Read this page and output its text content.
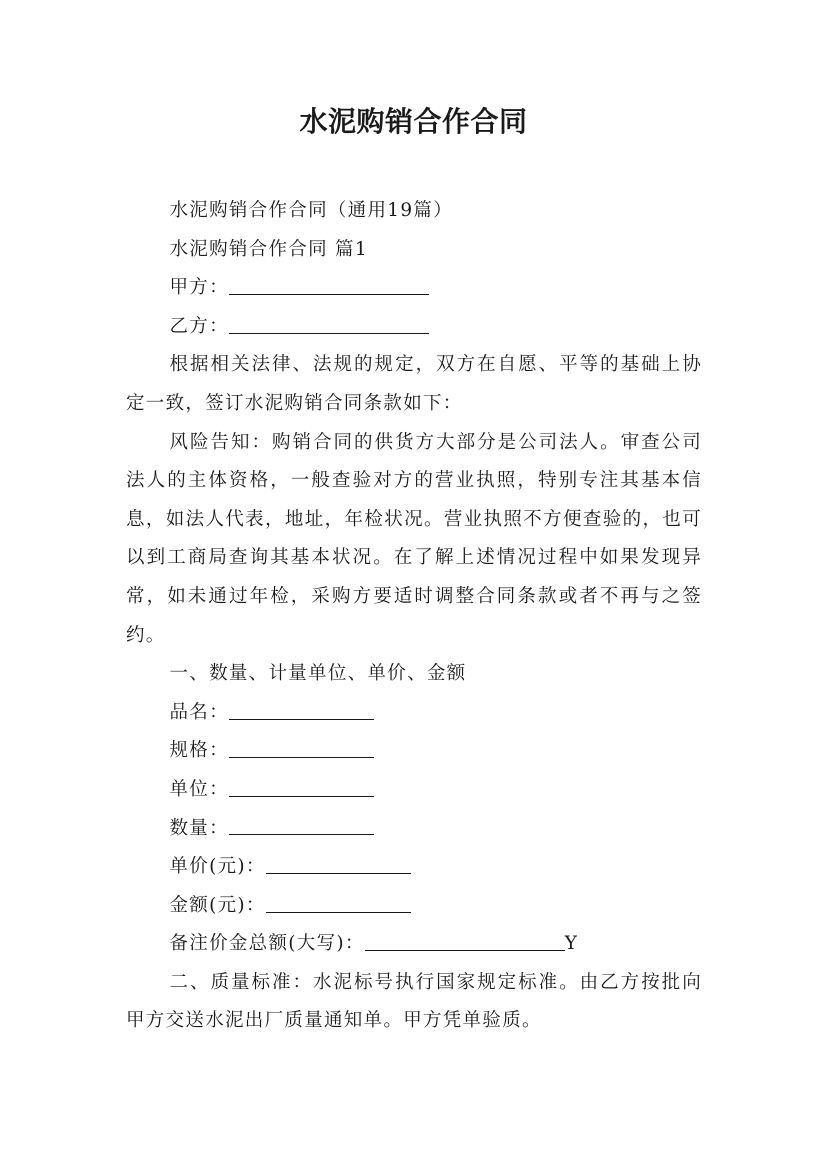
水泥购销合作合同

水泥购销合作合同（通用19篇）

水泥购销合作合同 篇1

甲方：

乙方：

根据相关法律、法规的规定，双方在自愿、平等的基础上协定一致，签订水泥购销合同条款如下：

风险告知：购销合同的供货方大部分是公司法人。审查公司法人的主体资格，一般查验对方的营业执照，特别专注其基本信息，如法人代表，地址，年检状况。营业执照不方便查验的，也可以到工商局查询其基本状况。在了解上述情况过程中如果发现异常，如未通过年检，采购方要适时调整合同条款或者不再与之签约。

一、数量、计量单位、单价、金额

品名：

规格：

单位：

数量：

单价(元)：

金额(元)：

备注价金总额(大写)：	Y

二、质量标准：水泥标号执行国家规定标准。由乙方按批向甲方交送水泥出厂质量通知单。甲方凭单验质。
